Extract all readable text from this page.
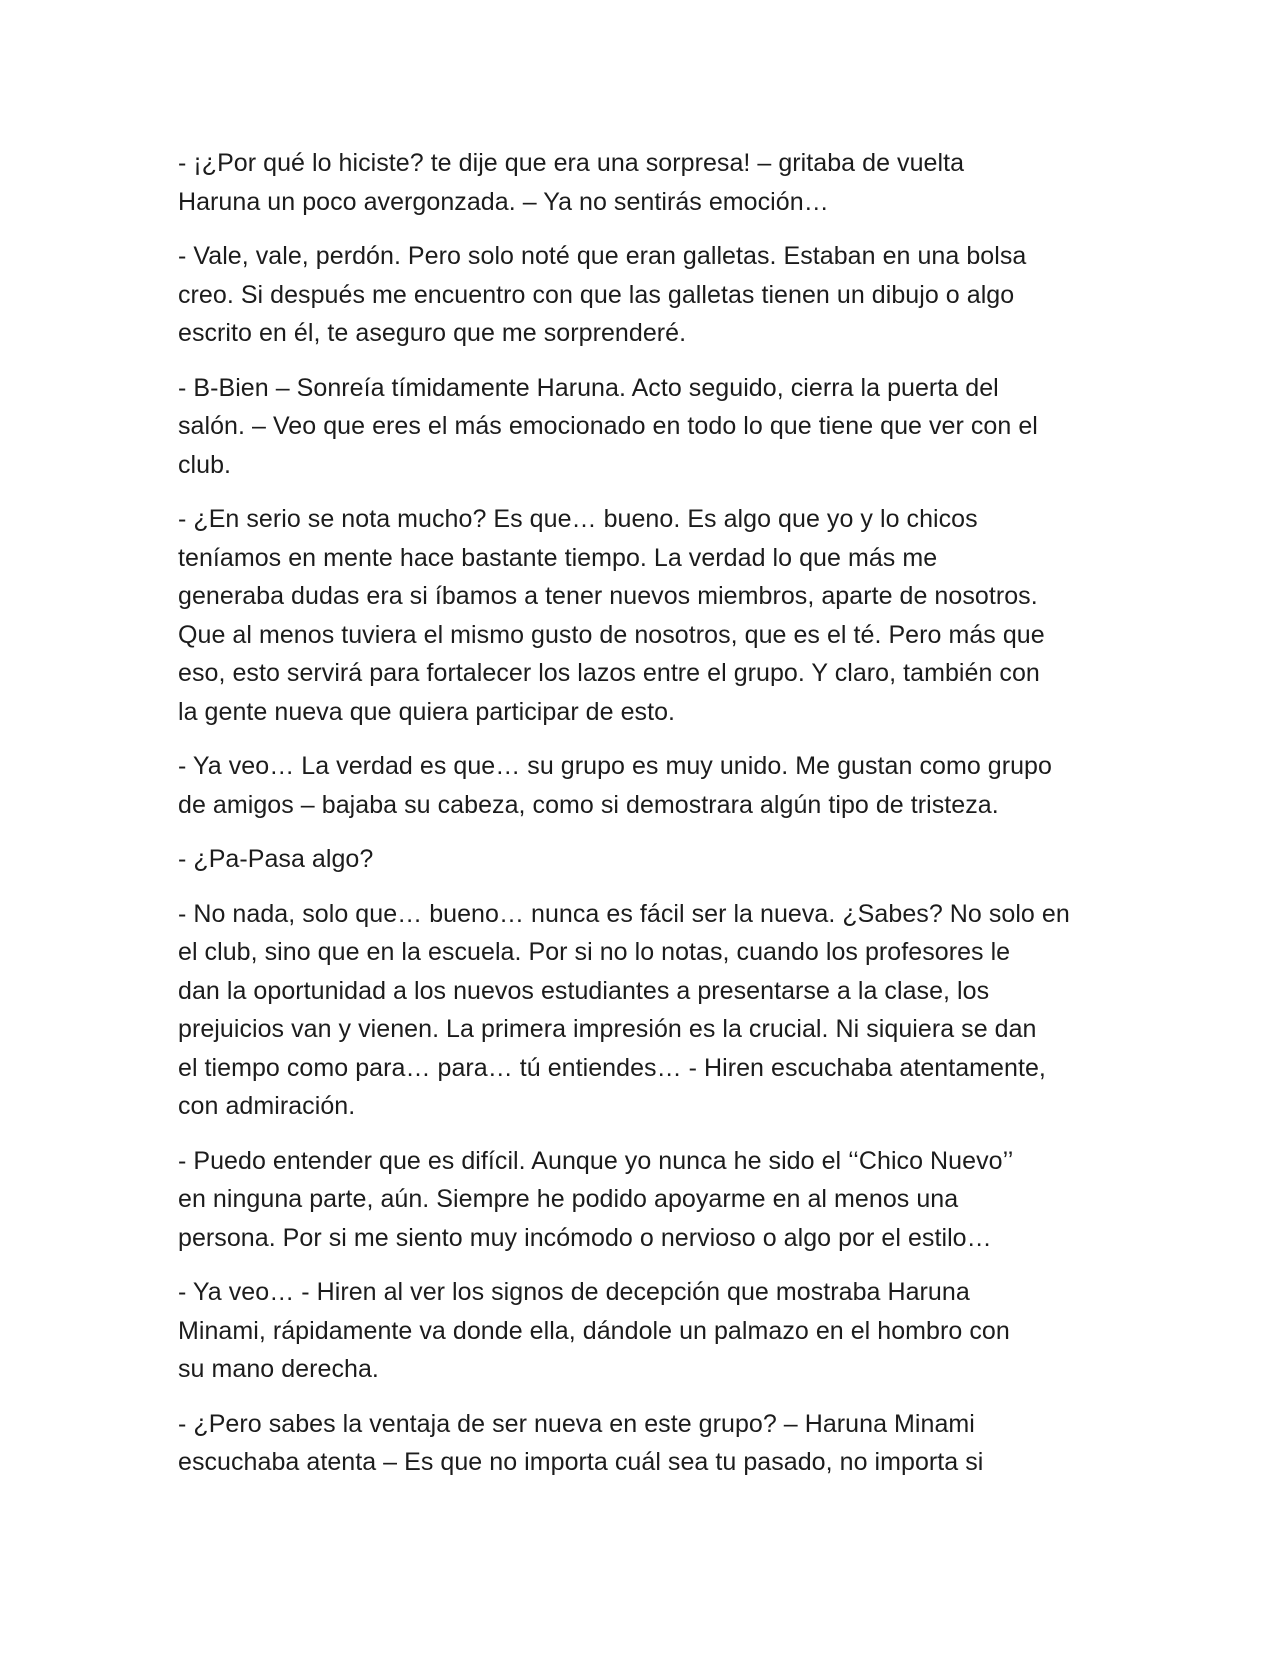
- ¡¿Por qué lo hiciste? te dije que era una sorpresa! – gritaba de vuelta
Haruna un poco avergonzada. – Ya no sentirás emoción…

- Vale, vale, perdón. Pero solo noté que eran galletas. Estaban en una bolsa
creo. Si después me encuentro con que las galletas tienen un dibujo o algo
escrito en él, te aseguro que me sorprenderé.

- B-Bien – Sonreía tímidamente Haruna. Acto seguido, cierra la puerta del
salón. – Veo que eres el más emocionado en todo lo que tiene que ver con el
club.

- ¿En serio se nota mucho? Es que… bueno. Es algo que yo y lo chicos
teníamos en mente hace bastante tiempo. La verdad lo que más me
generaba dudas era si íbamos a tener nuevos miembros, aparte de nosotros.
Que al menos tuviera el mismo gusto de nosotros, que es el té. Pero más que
eso, esto servirá para fortalecer los lazos entre el grupo. Y claro, también con
la gente nueva que quiera participar de esto.

- Ya veo… La verdad es que… su grupo es muy unido. Me gustan como grupo
de amigos – bajaba su cabeza, como si demostrara algún tipo de tristeza.

- ¿Pa-Pasa algo?

- No nada, solo que… bueno… nunca es fácil ser la nueva. ¿Sabes? No solo en
el club, sino que en la escuela. Por si no lo notas, cuando los profesores le
dan la oportunidad a los nuevos estudiantes a presentarse a la clase, los
prejuicios van y vienen. La primera impresión es la crucial. Ni siquiera se dan
el tiempo como para… para… tú entiendes… - Hiren escuchaba atentamente,
con admiración.

- Puedo entender que es difícil. Aunque yo nunca he sido el ‘‘Chico Nuevo’’
en ninguna parte, aún. Siempre he podido apoyarme en al menos una
persona. Por si me siento muy incómodo o nervioso o algo por el estilo…

- Ya veo… - Hiren al ver los signos de decepción que mostraba Haruna
Minami, rápidamente va donde ella, dándole un palmazo en el hombro con
su mano derecha.

- ¿Pero sabes la ventaja de ser nueva en este grupo? – Haruna Minami
escuchaba atenta – Es que no importa cuál sea tu pasado, no importa si
